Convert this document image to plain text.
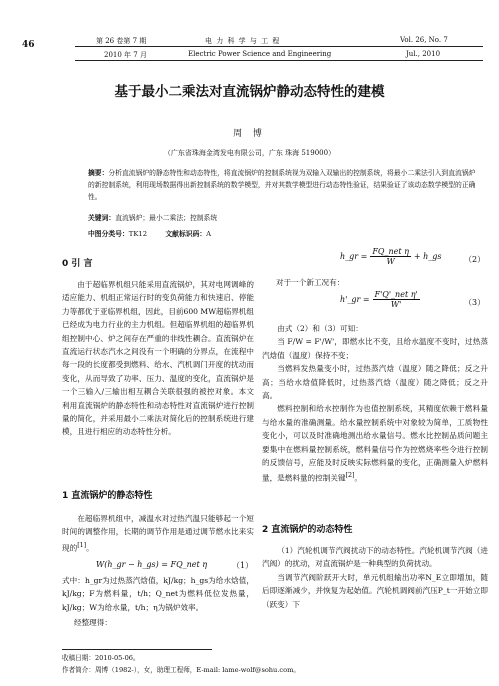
46	第 26 卷第 7 期
2010 年 7 月
电 力 科 学 与 工 程
Electric Power Science and Engineering
Vol. 26, No. 7
Jul., 2010
基于最小二乘法对直流锅炉静动态特性的建模
周 博
（广东省珠海金湾发电有限公司，广东 珠海 519000）
摘要：分析直流锅炉的静态特性和动态特性，将直流锅炉的控制系统视为双输入双输出的控制系统，将最小二乘法引入到直流锅炉的新控制系统，利用现场数据得出新控制系统的数学模型，并对其数学模型进行动态特性验证，结果验证了该动态数学模型的正确性。
关键词：直流锅炉；最小二乘法；控制系统
中图分类号：TK12	文献标识码：A
0 引 言

由于超临界机组只能采用直流锅炉，其对电网调峰的适应能力、机组正常运行时的变负荷能力和快速启、停能力等都优于亚临界机组，因此，目前600 MW超临界机组已经成为电力行业的主力机组。但超临界机组的超临界机组控制中心、炉之间存在严重的非线性耦合。直流锅炉在直流运行状态汽水之间没有一个明确的分界点，在流程中每一段的长度都受到燃料、给水、汽机调门开度的扰动而变化，从而导致了功率、压力、温度的变化，直流锅炉是一个三输入/三输出相互耦合关联很强的被控对象。本文利用直流锅炉的静态特性和动态特性对直流锅炉进行控制量的简化，并采用最小二乘法对简化后的控制系统进行建模，且进行相应的动态特性分析。

1 直流锅炉的静态特性

在超临界机组中，减温水对过热汽温只能够起一个短时间的调整作用，长期的调节作用是通过调节燃水比来实现的[1]。

W(h_gr − h_gs) = FQ_net η	（1）
式中：h_gr为过热蒸汽焓值，kJ/kg；h_gs为给水焓值，kJ/kg；F为燃料量，t/h；Q_net为燃料低位发热量，kJ/kg；W为给水量，t/h；η为锅炉效率。
经整理得：
h_gr = $\frac{\text{FQ\_net η}}{W}$ + h_gs	（2）
对于一个新工况有：
h'_gr = $\frac{\text{F'Q'\_net η'}}{W'}$	（3）

由式（2）和（3）可知：

当 F/W = F'/W'，即燃水比不变，且给水温度不变时，过热蒸汽焓值（温度）保持不变；

当燃料发热量变小时，过热蒸汽焓（温度）随之降低；反之升高；当给水焓值降低时，过热蒸汽焓（温度）随之降低；反之升高。

燃料控制和给水控制作为也值控制系统，其精度依赖于燃料量与给水量的准确测量。给水量控制系统中对象较为简单，工质物性变化小，可以及时准确地测出给水量信号。燃水比控制品质问题主要集中在燃料量控制系统，燃料量信号作为控燃烧率些令进行控制的反馈信号，应能及时反映实际燃料量的变化，正确测量入炉燃料量，是燃料量的控制关键[2]。

2 直流锅炉的动态特性

（1）汽轮机调节汽阀扰动下的动态特性。汽轮机调节汽阀（进汽阀）的扰动，对直流锅炉是一种典型的负荷扰动。

当调节汽阀阶跃开大时，单元机组输出功率N_E立即增加，随后即逐渐减少，并恢复为起始值。汽轮机调阀前汽压P_t一开始立即（跃变）下

收稿日期：2010-05-06。
作者简介：周博（1982-），女，助理工程师，E-mail: lame-wolf@sohu.com。
